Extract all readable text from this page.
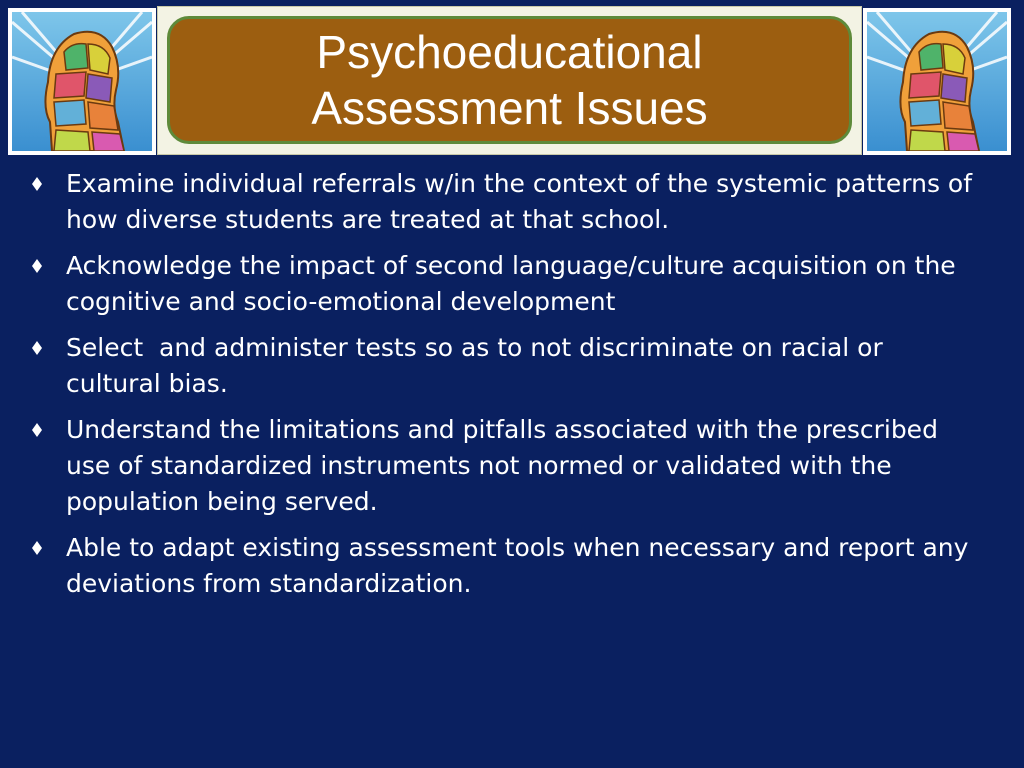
Psychoeducational
Assessment Issues
Examine individual referrals w/in the context of the systemic patterns of how diverse students are treated at that school.
Acknowledge the impact of second language/culture acquisition on the cognitive and socio-emotional development
Select  and administer tests so as to not discriminate on racial or cultural bias.
Understand the limitations and pitfalls associated with the prescribed use of standardized instruments not normed or validated with the population being served.
Able to adapt existing assessment tools when necessary and report any deviations from standardization.
